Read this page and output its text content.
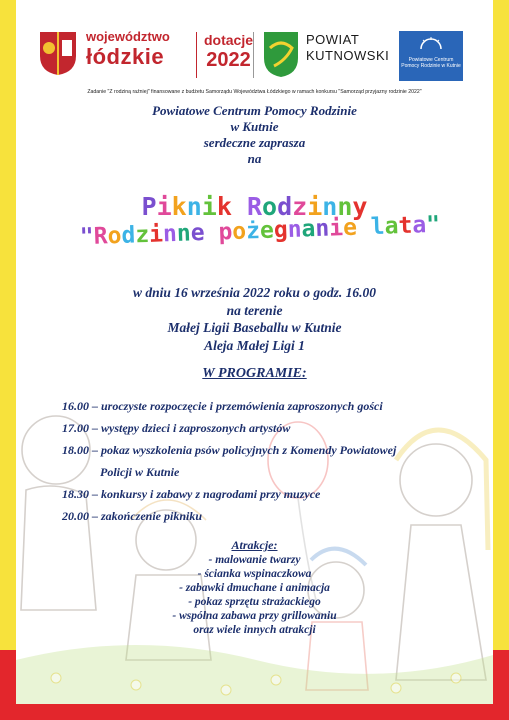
województwo
łódzkie
dotacje
2022
POWIAT
KUTNOWSKI	Powiatowe Centrum Pomocy Rodzinie w Kutnie
Zadanie "Z rodziną raźniej" finansowane z budżetu Samorządu Województwa Łódzkiego w ramach konkursu "Samorząd przyjazny rodzinie 2022"
Powiatowe Centrum Pomocy Rodzinie
w Kutnie
serdeczne zaprasza
na
Piknik Rodzinny
"Rodzinne pożegnanie lata"
w dniu 16 września 2022 roku o godz. 16.00
na terenie
Małej Ligii Baseballu w Kutnie
Aleja Małej Ligi 1
W PROGRAMIE:
16.00 – uroczyste rozpoczęcie i przemówienia zaproszonych gości
17.00 – występy dzieci i zaproszonych artystów
18.00 – pokaz wyszkolenia psów policyjnych z Komendy Powiatowej
Policji w Kutnie
18.30 – konkursy i zabawy z nagrodami przy muzyce
20.00 – zakończenie pikniku
Atrakcje:
- malowanie twarzy
- ścianka wspinaczkowa
- zabawki dmuchane i animacja
- pokaz sprzętu strażackiego
- wspólna zabawa przy grillowaniu
oraz wiele innych atrakcji
